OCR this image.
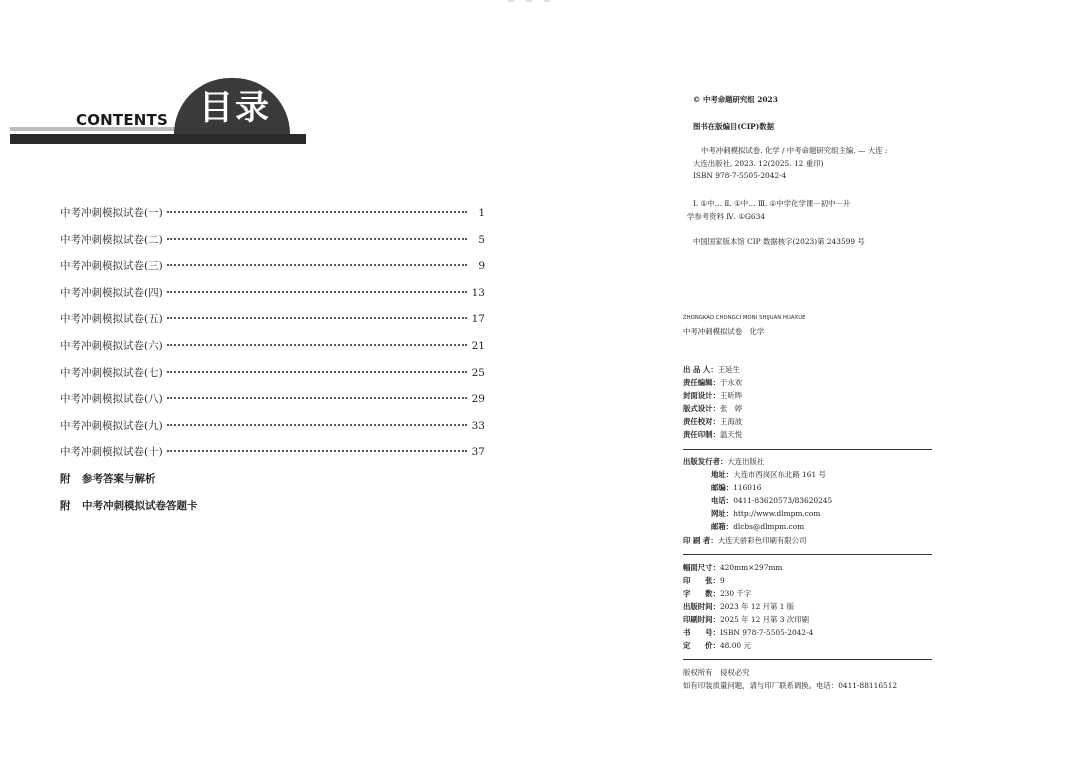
CONTENTS 目录
中考冲刺模拟试卷(一)	1
中考冲刺模拟试卷(二)	5
中考冲刺模拟试卷(三)	9
中考冲刺模拟试卷(四)	13
中考冲刺模拟试卷(五)	17
中考冲刺模拟试卷(六)	21
中考冲刺模拟试卷(七)	25
中考冲刺模拟试卷(八)	29
中考冲刺模拟试卷(九)	33
中考冲刺模拟试卷(十)	37
附	参考答案与解析
附	中考冲刺模拟试卷答题卡
© 中考命题研究组 2023
图书在版编目(CIP)数据
中考冲刺模拟试卷. 化学 / 中考命题研究组主编. — 大连 :
大连出版社, 2023. 12(2025. 12 重印)
ISBN 978-7-5505-2042-4
Ⅰ. ①中… Ⅱ. ①中… Ⅲ. ①中学化学课－初中－升
学参考资料 Ⅳ. ①G634
中国国家版本馆 CIP 数据核字(2023)第 243599 号
ZHONGKAO CHONGCI MONI SHIJUAN HUAXUE
中考冲刺模拟试卷　化学
出 品 人：王延生
责任编辑：于永欢
封面设计：王昕晔
版式设计：张　婷
责任校对：王海波
责任印制：温天悦
出版发行者：大连出版社
地址：大连市西岗区东北路 161 号
邮编：116016
电话：0411-83620573/83620245
网址：http://www.dlmpm.com
邮箱：dlcbs@dlmpm.com
印 刷 者：大连天骄彩色印刷有限公司
幅面尺寸：420mm×297mm
印　　张：9
字　　数：230 千字
出版时间：2023 年 12 月第 1 版
印刷时间：2025 年 12 月第 3 次印刷
书　　号：ISBN 978-7-5505-2042-4
定　　价：48.00 元
版权所有　侵权必究
如有印装质量问题，请与印厂联系调换。电话：0411-88116512
